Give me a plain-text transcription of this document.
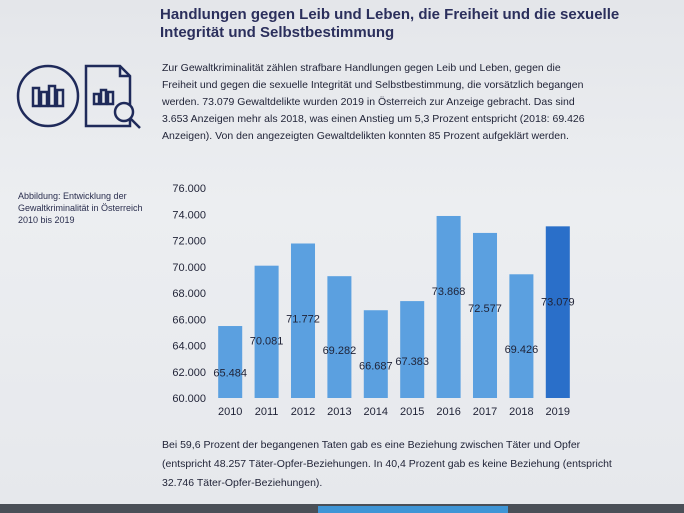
Handlungen gegen Leib und Leben, die Freiheit und die sexuelle Integrität und Selbstbestimmung

Zur Gewaltkriminalität zählen strafbare Handlungen gegen Leib und Leben, gegen die Freiheit und gegen die sexuelle Integrität und Selbstbestimmung, die vorsätzlich begangen werden. 73.079 Gewaltdelikte wurden 2019 in Österreich zur Anzeige gebracht. Das sind 3.653 Anzeigen mehr als 2018, was einen Anstieg um 5,3 Prozent entspricht (2018: 69.426 Anzeigen). Von den angezeigten Gewaltdelikten konnten 85 Prozent aufgeklärt werden.

Abbildung: Entwicklung der Gewaltkriminalität in Österreich 2010 bis 2019

60.000
62.000
64.000
66.000
68.000
70.000
72.000
74.000
76.000
65.484
2010
70.081
2011
71.772
2012
69.282
2013
66.687
2014
67.383
2015
73.868
2016
72.577
2017
69.426
2018
73.079
2019

Bei 59,6 Prozent der begangenen Taten gab es eine Beziehung zwischen Täter und Opfer (entspricht 48.257 Täter-Opfer-Beziehungen. In 40,4 Prozent gab es keine Beziehung (entspricht 32.746 Täter-Opfer-Beziehungen).
